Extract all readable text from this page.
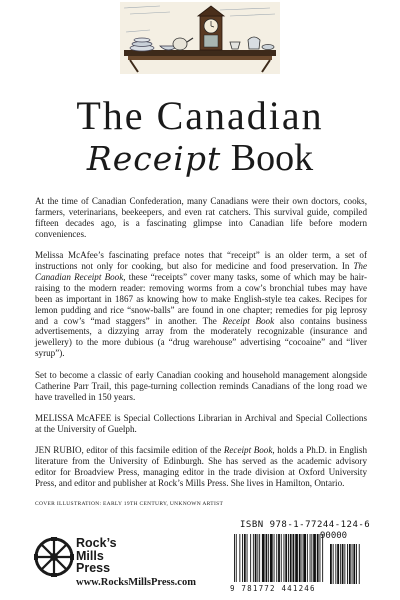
The Canadian
Receipt Book

At the time of Canadian Confederation, many Canadians were their own doctors, cooks, farmers, veterinarians, beekeepers, and even rat catchers. This survival guide, compiled fifteen decades ago, is a fascinating glimpse into Canadian life before modern conveniences.

Melissa McAfee’s fascinating preface notes that “receipt” is an older term, a set of instructions not only for cooking, but also for medicine and food preservation. In The Canadian Receipt Book, these “receipts” cover many tasks, some of which may be hair-raising to the modern reader: removing worms from a cow’s bronchial tubes may have been as important in 1867 as knowing how to make English-style tea cakes. Recipes for lemon pudding and rice “snow-balls” are found in one chapter; remedies for pig leprosy and a cow’s “mad staggers” in another. The Receipt Book also contains business advertisements, a dizzying array from the moderately recognizable (insurance and jewellery) to the more dubious (a “drug warehouse” advertising “cocoaine” and “liver syrup”).

Set to become a classic of early Canadian cooking and household management alongside Catherine Parr Trail, this page-turning collection reminds Canadians of the long road we have travelled in 150 years.

MELISSA McAFEE is Special Collections Librarian in Archival and Special Collections at the University of Guelph.

JEN RUBIO, editor of this facsimile edition of the Receipt Book, holds a Ph.D. in English literature from the University of Edinburgh. She has served as the academic advisory editor for Broadview Press, managing editor in the trade division at Oxford University Press, and editor and publisher at Rock’s Mills Press. She lives in Hamilton, Ontario.

COVER ILLUSTRATION: EARLY 19TH CENTURY, UNKNOWN ARTIST

Rock’s
Mills
Press
www.RocksMillsPress.com
ISBN 978-1-77244-124-6
90000
9 781772 441246
